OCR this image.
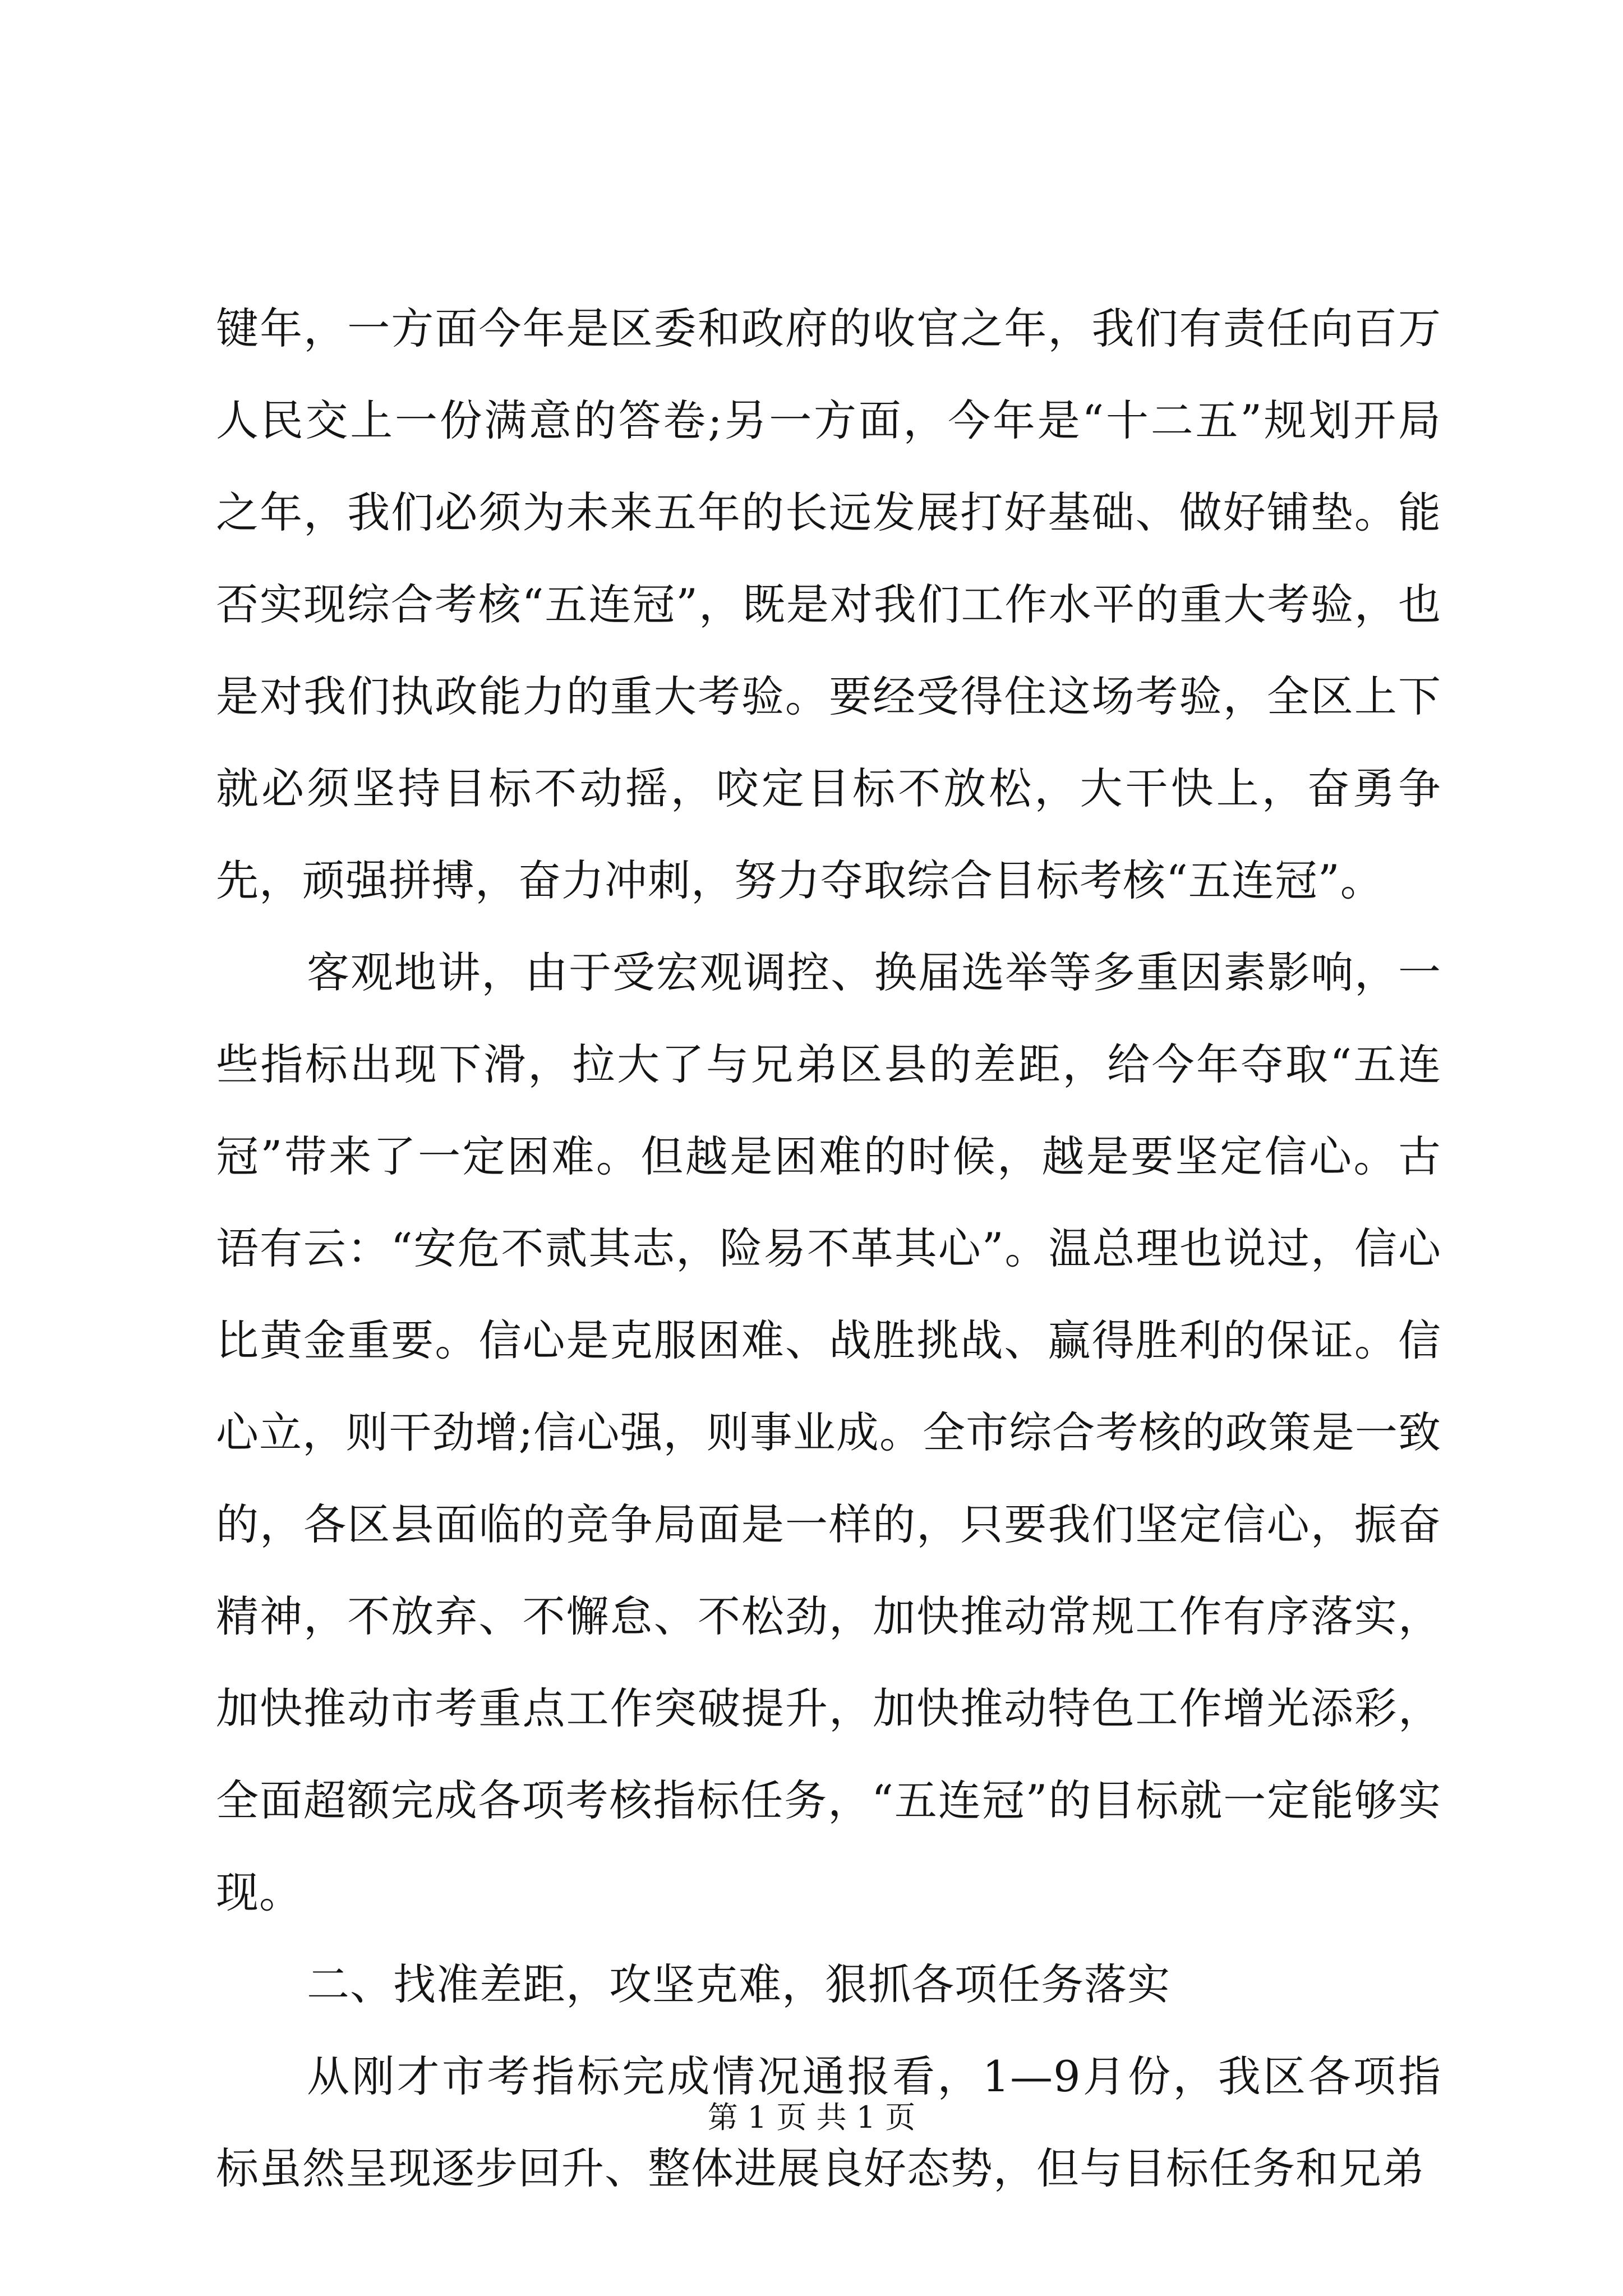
键年，一方面今年是区委和政府的收官之年，我们有责任向百万人民交上一份满意的答卷;另一方面，今年是“十二五”规划开局之年，我们必须为未来五年的长远发展打好基础、做好铺垫。能否实现综合考核“五连冠”，既是对我们工作水平的重大考验，也是对我们执政能力的重大考验。要经受得住这场考验，全区上下就必须坚持目标不动摇，咬定目标不放松，大干快上，奋勇争先，顽强拼搏，奋力冲刺，努力夺取综合目标考核“五连冠”。

客观地讲，由于受宏观调控、换届选举等多重因素影响，一些指标出现下滑，拉大了与兄弟区县的差距，给今年夺取“五连冠”带来了一定困难。但越是困难的时候，越是要坚定信心。古语有云：“安危不贰其志，险易不革其心”。温总理也说过，信心比黄金重要。信心是克服困难、战胜挑战、赢得胜利的保证。信心立，则干劲增;信心强，则事业成。全市综合考核的政策是一致的，各区县面临的竞争局面是一样的，只要我们坚定信心，振奋精神，不放弃、不懈怠、不松劲，加快推动常规工作有序落实，加快推动市考重点工作突破提升，加快推动特色工作增光添彩，全面超额完成各项考核指标任务，“五连冠”的目标就一定能够实现。

二、找准差距，攻坚克难，狠抓各项任务落实

从刚才市考指标完成情况通报看，1—9月份，我区各项指标虽然呈现逐步回升、整体进展良好态势，但与目标任务和兄弟

第 1 页 共 1 页
